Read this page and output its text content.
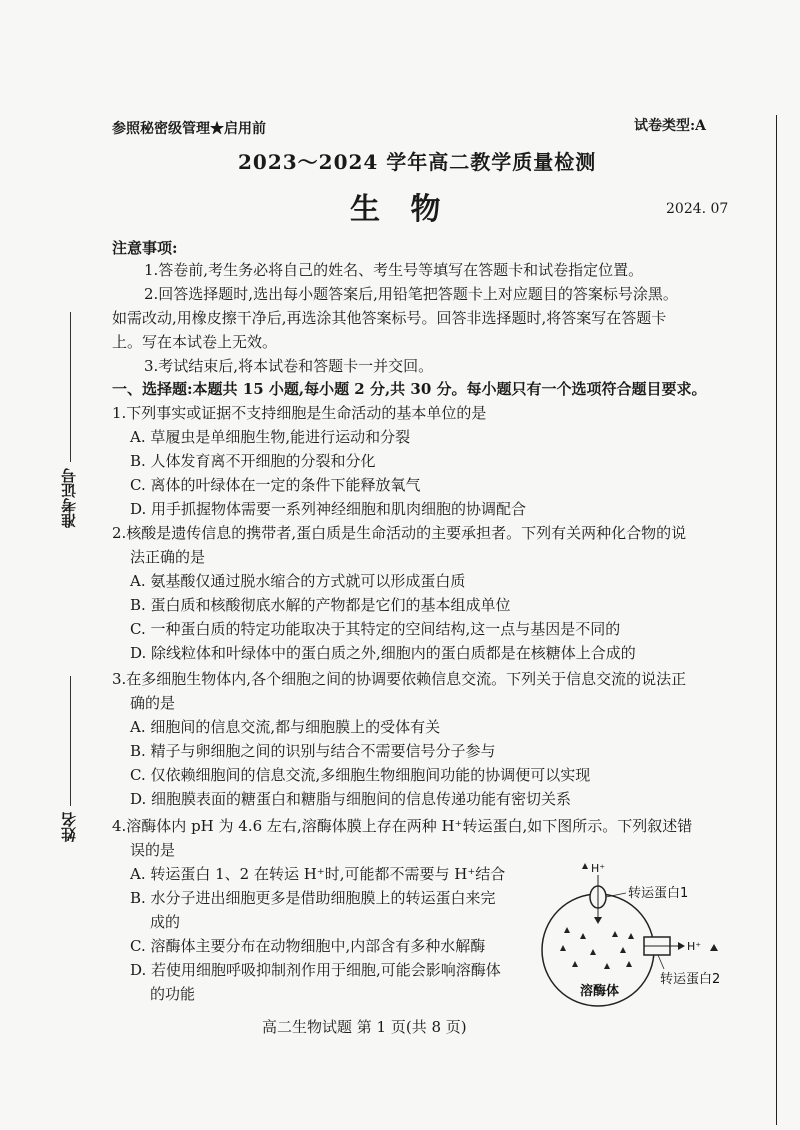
准考证号
姓名
参照秘密级管理★启用前	试卷类型:A
2023～2024 学年高二教学质量检测
生 物	2024. 07
注意事项:
1.答卷前,考生务必将自己的姓名、考生号等填写在答题卡和试卷指定位置。
2.回答选择题时,选出每小题答案后,用铅笔把答题卡上对应题目的答案标号涂黑。
如需改动,用橡皮擦干净后,再选涂其他答案标号。回答非选择题时,将答案写在答题卡
上。写在本试卷上无效。
3.考试结束后,将本试卷和答题卡一并交回。
一、选择题:本题共 15 小题,每小题 2 分,共 30 分。每小题只有一个选项符合题目要求。
1.下列事实或证据不支持细胞是生命活动的基本单位的是
A. 草履虫是单细胞生物,能进行运动和分裂
B. 人体发育离不开细胞的分裂和分化
C. 离体的叶绿体在一定的条件下能释放氧气
D. 用手抓握物体需要一系列神经细胞和肌肉细胞的协调配合
2.核酸是遗传信息的携带者,蛋白质是生命活动的主要承担者。下列有关两种化合物的说
法正确的是
A. 氨基酸仅通过脱水缩合的方式就可以形成蛋白质
B. 蛋白质和核酸彻底水解的产物都是它们的基本组成单位
C. 一种蛋白质的特定功能取决于其特定的空间结构,这一点与基因是不同的
D. 除线粒体和叶绿体中的蛋白质之外,细胞内的蛋白质都是在核糖体上合成的
3.在多细胞生物体内,各个细胞之间的协调要依赖信息交流。下列关于信息交流的说法正
确的是
A. 细胞间的信息交流,都与细胞膜上的受体有关
B. 精子与卵细胞之间的识别与结合不需要信号分子参与
C. 仅依赖细胞间的信息交流,多细胞生物细胞间功能的协调便可以实现
D. 细胞膜表面的糖蛋白和糖脂与细胞间的信息传递功能有密切关系
4.溶酶体内 pH 为 4.6 左右,溶酶体膜上存在两种 H⁺转运蛋白,如下图所示。下列叙述错
误的是
A. 转运蛋白 1、2 在转运 H⁺时,可能都不需要与 H⁺结合
B. 水分子进出细胞更多是借助细胞膜上的转运蛋白来完
成的
C. 溶酶体主要分布在动物细胞中,内部含有多种水解酶
D. 若使用细胞呼吸抑制剂作用于细胞,可能会影响溶酶体
的功能
H⁺
转运蛋白1
H⁺
转运蛋白2
溶酶体
高二生物试题 第 1 页(共 8 页)
